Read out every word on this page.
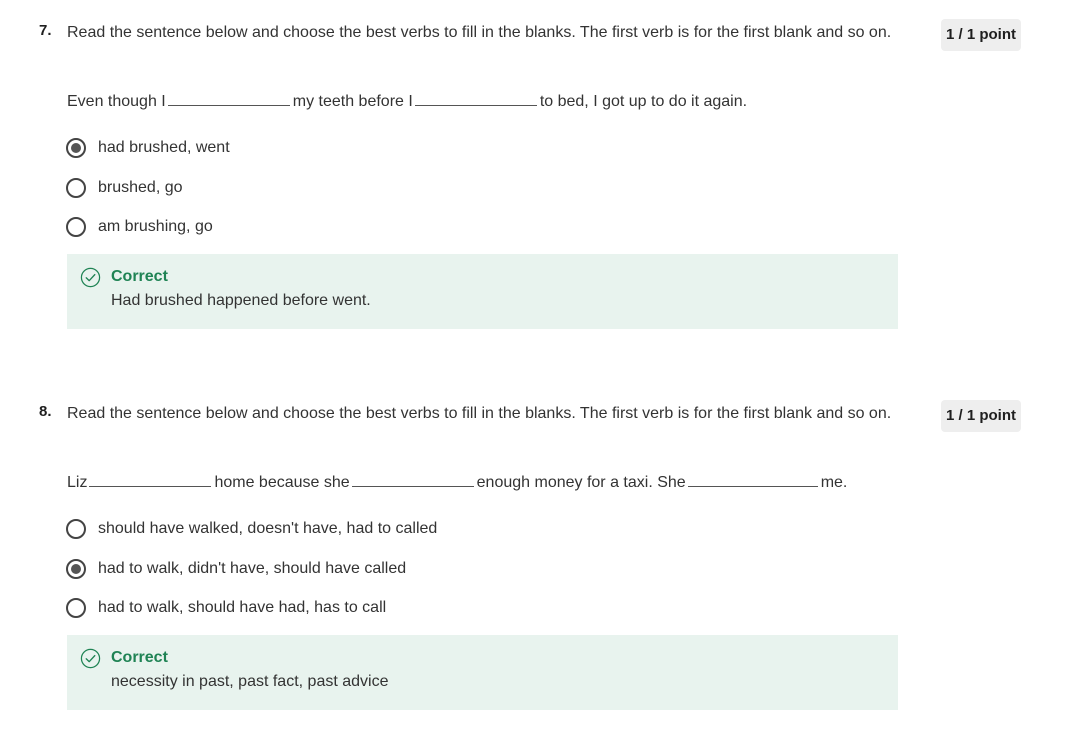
7. Read the sentence below and choose the best verbs to fill in the blanks. The first verb is for the first blank and so on.	1 / 1 point
Even though I	my teeth before I	to bed, I got up to do it again.
had brushed, went
brushed, go
am brushing, go
Correct
Had brushed happened before went.
8. Read the sentence below and choose the best verbs to fill in the blanks. The first verb is for the first blank and so on.	1 / 1 point
Liz	home because she	enough money for a taxi. She	me.
should have walked, doesn't have, had to called
had to walk, didn't have, should have called
had to walk, should have had, has to call
Correct
necessity in past, past fact, past advice
